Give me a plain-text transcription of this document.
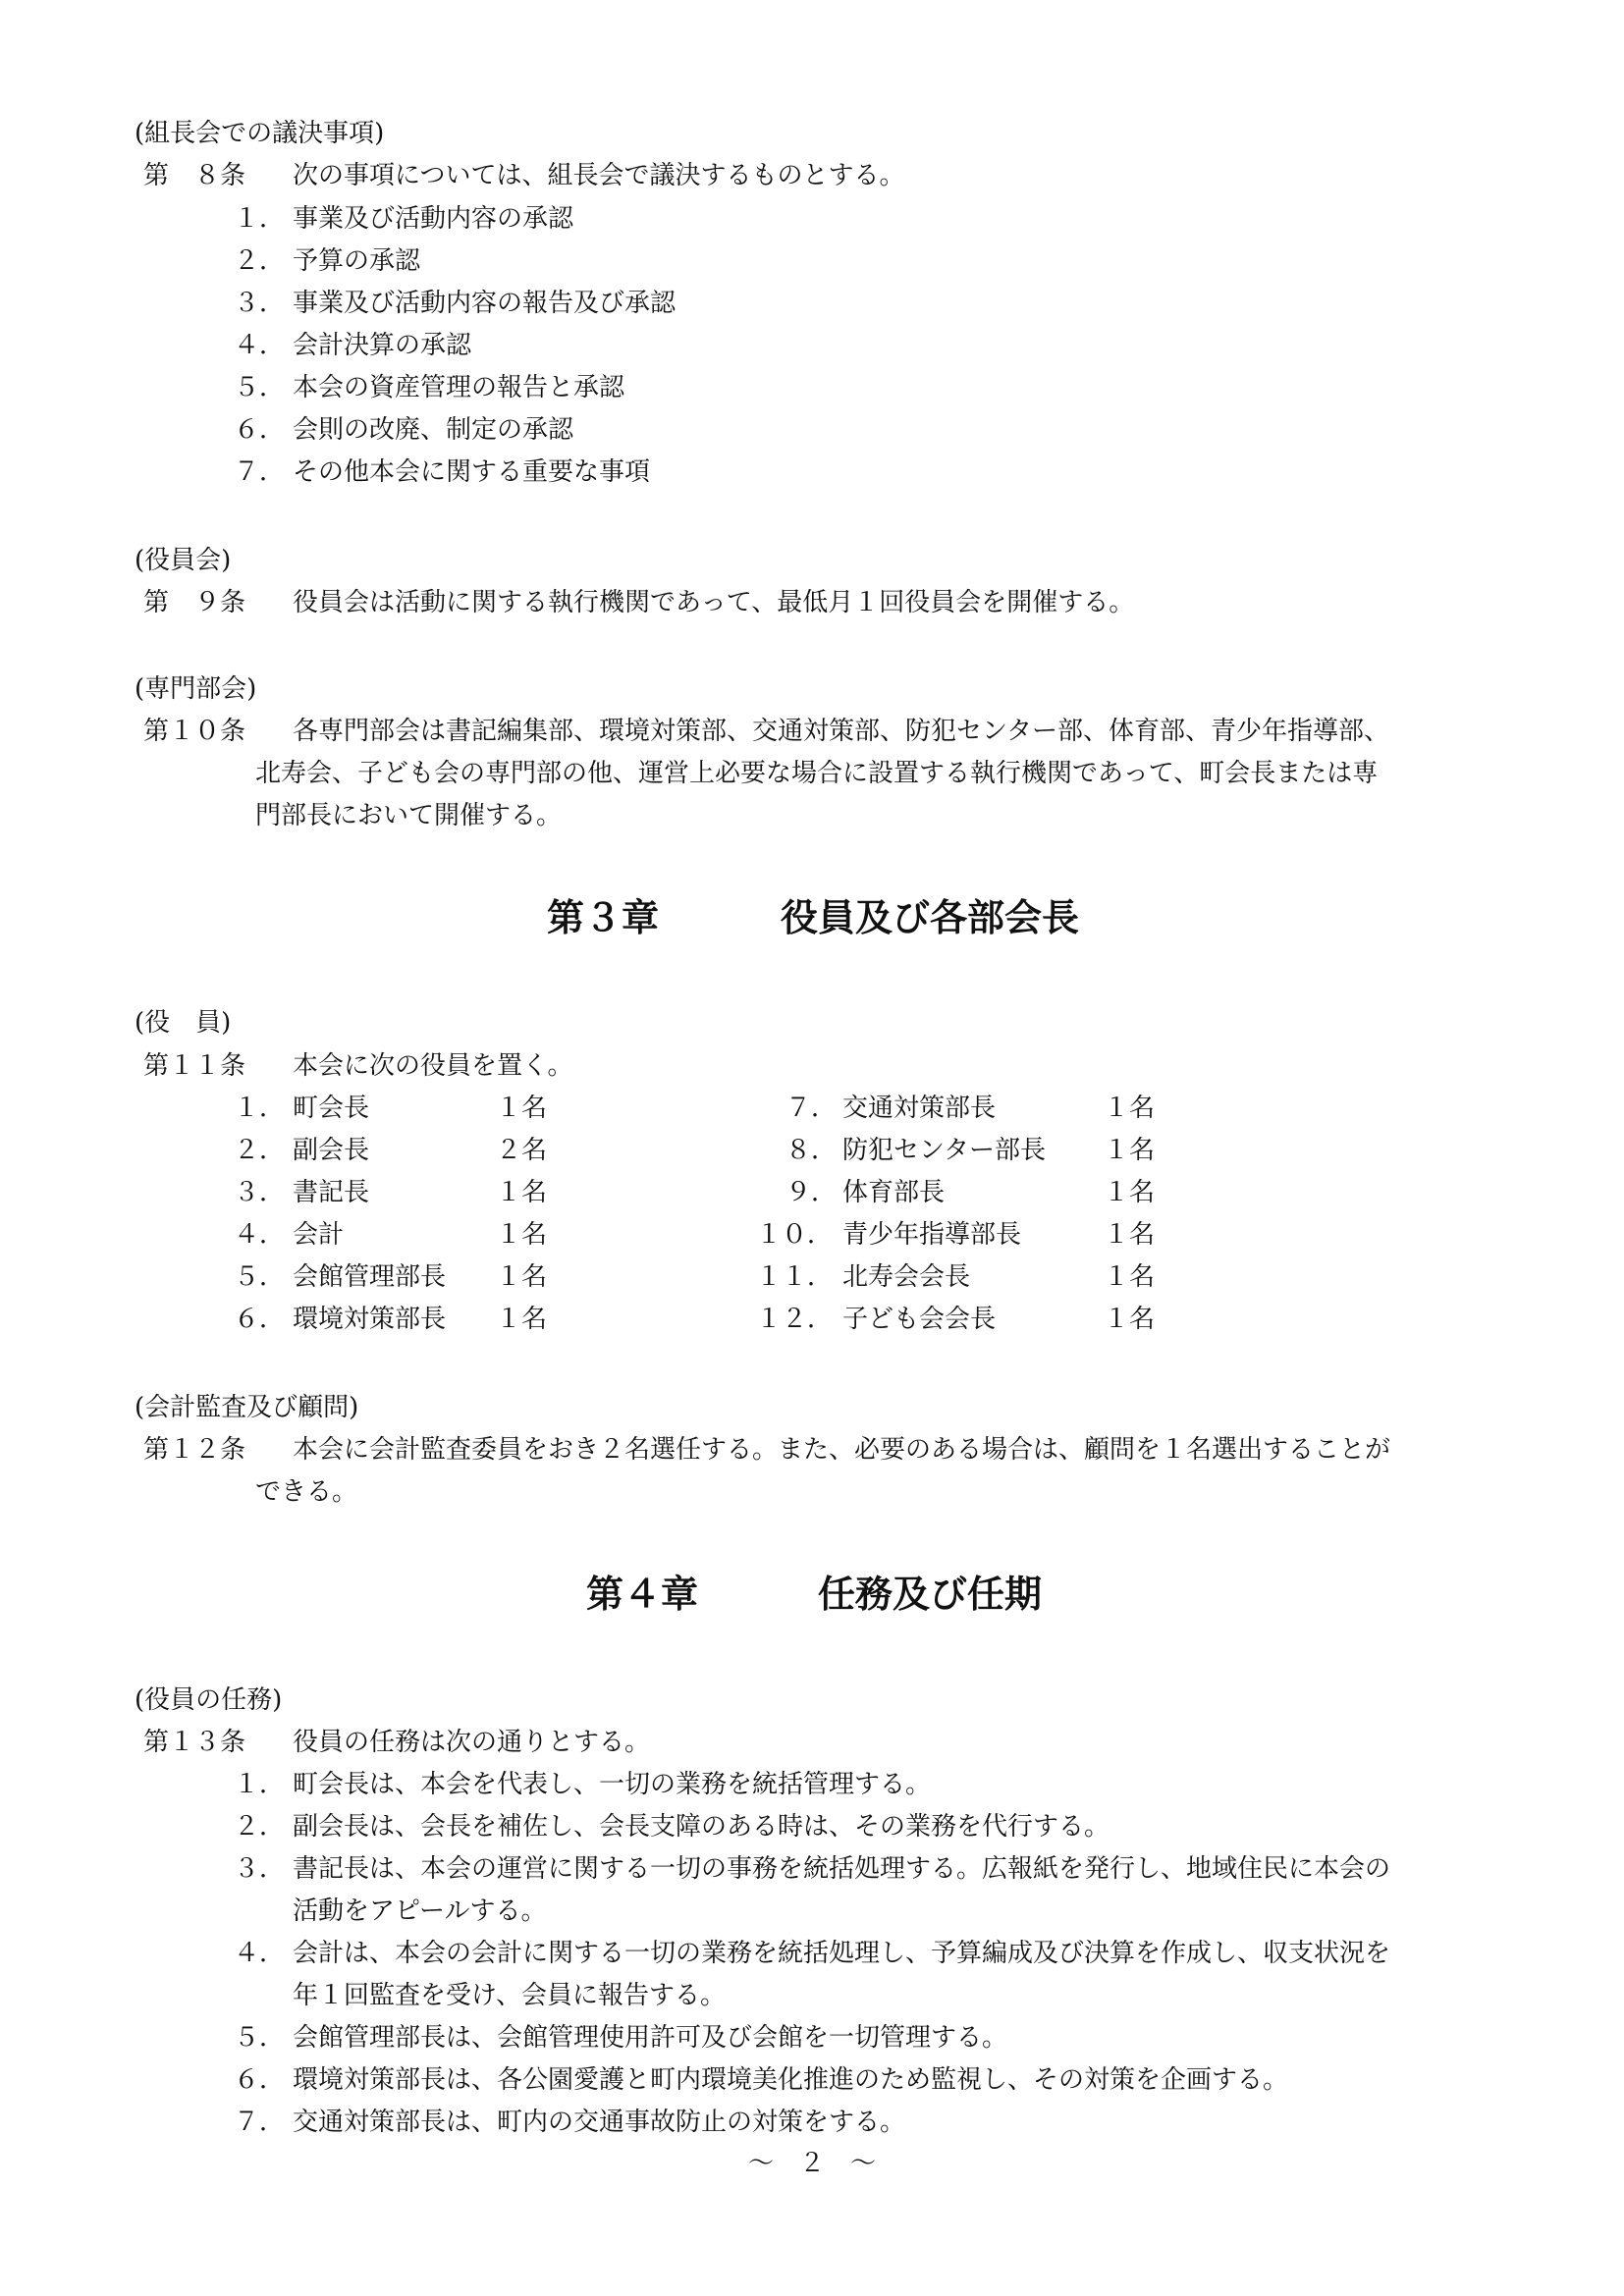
(組長会での議決事項)
第　８条 次の事項については、組長会で議決するものとする。
１． 事業及び活動内容の承認
２． 予算の承認
３． 事業及び活動内容の報告及び承認
４． 会計決算の承認
５． 本会の資産管理の報告と承認
６． 会則の改廃、制定の承認
７． その他本会に関する重要な事項
(役員会)
第　９条 役員会は活動に関する執行機関であって、最低月１回役員会を開催する。
(専門部会)
第１０条 各専門部会は書記編集部、環境対策部、交通対策部、防犯センター部、体育部、青少年指導部、
北寿会、子ども会の専門部の他、運営上必要な場合に設置する執行機関であって、町会長または専
門部長において開催する。
第３章	役員及び各部会長
(役　員)
第１１条 本会に次の役員を置く。
１． 町会長	１名
２． 副会長	２名
３． 書記長	１名
４． 会計	１名
５． 会館管理部長 １名
６． 環境対策部長 １名
７． 交通対策部長	１名
８． 防犯センター部長 １名
９． 体育部長	１名
１０． 青少年指導部長	１名
１１． 北寿会会長	１名
１２． 子ども会会長	１名
(会計監査及び顧問)
第１２条 本会に会計監査委員をおき２名選任する。また、必要のある場合は、顧問を１名選出することが
できる。
第４章	任務及び任期
(役員の任務)
第１３条 役員の任務は次の通りとする。
１． 町会長は、本会を代表し、一切の業務を統括管理する。
２． 副会長は、会長を補佐し、会長支障のある時は、その業務を代行する。
３． 書記長は、本会の運営に関する一切の事務を統括処理する。広報紙を発行し、地域住民に本会の
活動をアピールする。
４． 会計は、本会の会計に関する一切の業務を統括処理し、予算編成及び決算を作成し、収支状況を
年１回監査を受け、会員に報告する。
５． 会館管理部長は、会館管理使用許可及び会館を一切管理する。
６． 環境対策部長は、各公園愛護と町内環境美化推進のため監視し、その対策を企画する。
７． 交通対策部長は、町内の交通事故防止の対策をする。
～　２　～
